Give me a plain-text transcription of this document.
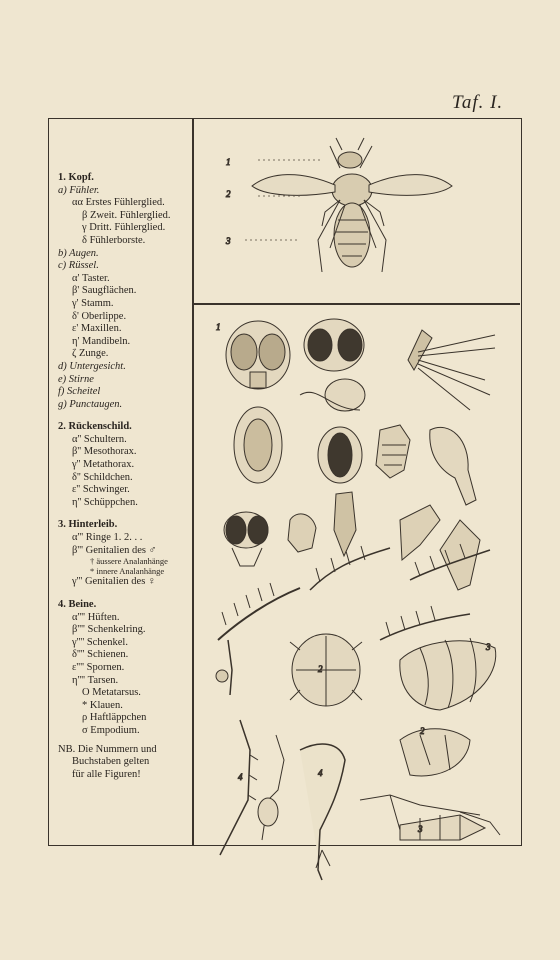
Taf. I.
1. Kopf.
a) Fühler.
αα Erstes Fühlerglied.
β Zweit. Fühlerglied.
γ Dritt. Fühlerglied.
δ Fühlerborste.
b) Augen.
c) Rüssel.
α' Taster.
β' Saugflächen.
γ' Stamm.
δ' Oberlippe.
ε' Maxillen.
η' Mandibeln.
ζ Zunge.
d) Untergesicht.
e) Stirne
f) Scheitel
g) Punctaugen.
2. Rückenschild.
α'' Schultern.
β'' Mesothorax.
γ'' Metathorax.
δ'' Schildchen.
ε'' Schwinger.
η'' Schüppchen.
3. Hinterleib.
α''' Ringe 1. 2. . .
β''' Genitalien des ♂
† äussere Analanhänge
* innere Analanhänge
γ''' Genitalien des ♀
4. Beine.
α'''' Hüften.
β'''' Schenkelring.
γ'''' Schenkel.
δ'''' Schienen.
ε'''' Spornen.
η'''' Tarsen.
O Metatarsus.
* Klauen.
ρ Haftläppchen
σ Empodium.
NB. Die Nummern und
Buchstaben gelten
für alle Figuren!
1
2
3
1
2
4	4
3
2
3
